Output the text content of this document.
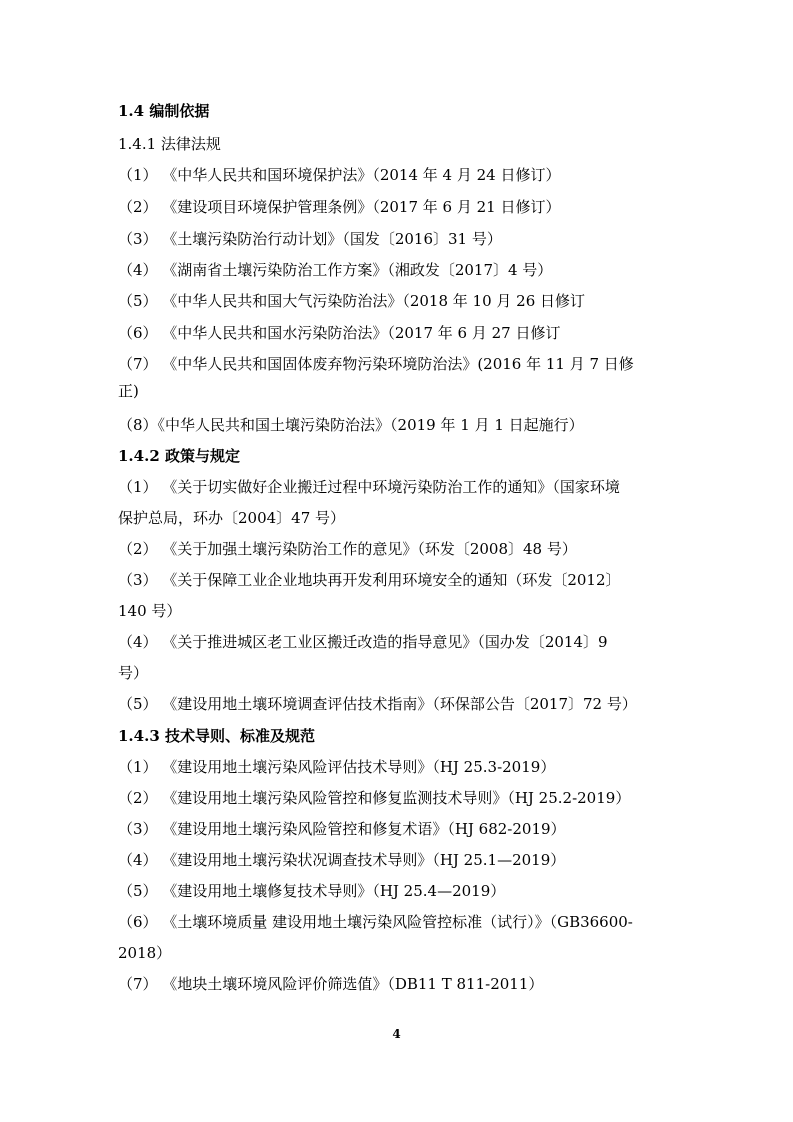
1.4 编制依据
1.4.1 法律法规
（1） 《中华人民共和国环境保护法》（2014 年 4 月 24 日修订）
（2） 《建设项目环境保护管理条例》（2017 年 6 月 21 日修订）
（3） 《土壤污染防治行动计划》（国发〔2016〕31 号）
（4） 《湖南省土壤污染防治工作方案》（湘政发〔2017〕4 号）
（5） 《中华人民共和国大气污染防治法》（2018 年 10 月 26 日修订
（6） 《中华人民共和国水污染防治法》（2017 年 6 月 27 日修订
（7） 《中华人民共和国固体废弃物污染环境防治法》(2016 年 11 月 7 日修
正)
（8）《中华人民共和国土壤污染防治法》（2019 年 1 月 1 日起施行）
1.4.2 政策与规定
（1） 《关于切实做好企业搬迁过程中环境污染防治工作的通知》（国家环境
保护总局，环办〔2004〕47 号）
（2） 《关于加强土壤污染防治工作的意见》（环发〔2008〕48 号）
（3） 《关于保障工业企业地块再开发利用环境安全的通知（环发〔2012〕
140 号）
（4） 《关于推进城区老工业区搬迁改造的指导意见》（国办发〔2014〕9
号）
（5） 《建设用地土壤环境调查评估技术指南》（环保部公告〔2017〕72 号）
1.4.3 技术导则、标准及规范
（1） 《建设用地土壤污染风险评估技术导则》（HJ 25.3-2019）
（2） 《建设用地土壤污染风险管控和修复监测技术导则》（HJ 25.2-2019）
（3） 《建设用地土壤污染风险管控和修复术语》（HJ 682-2019）
（4） 《建设用地土壤污染状况调查技术导则》（HJ 25.1—2019）
（5） 《建设用地土壤修复技术导则》（HJ 25.4—2019）
（6） 《土壤环境质量 建设用地土壤污染风险管控标准（试行）》（GB36600-
2018）
（7） 《地块土壤环境风险评价筛选值》（DB11 T 811-2011）
4
